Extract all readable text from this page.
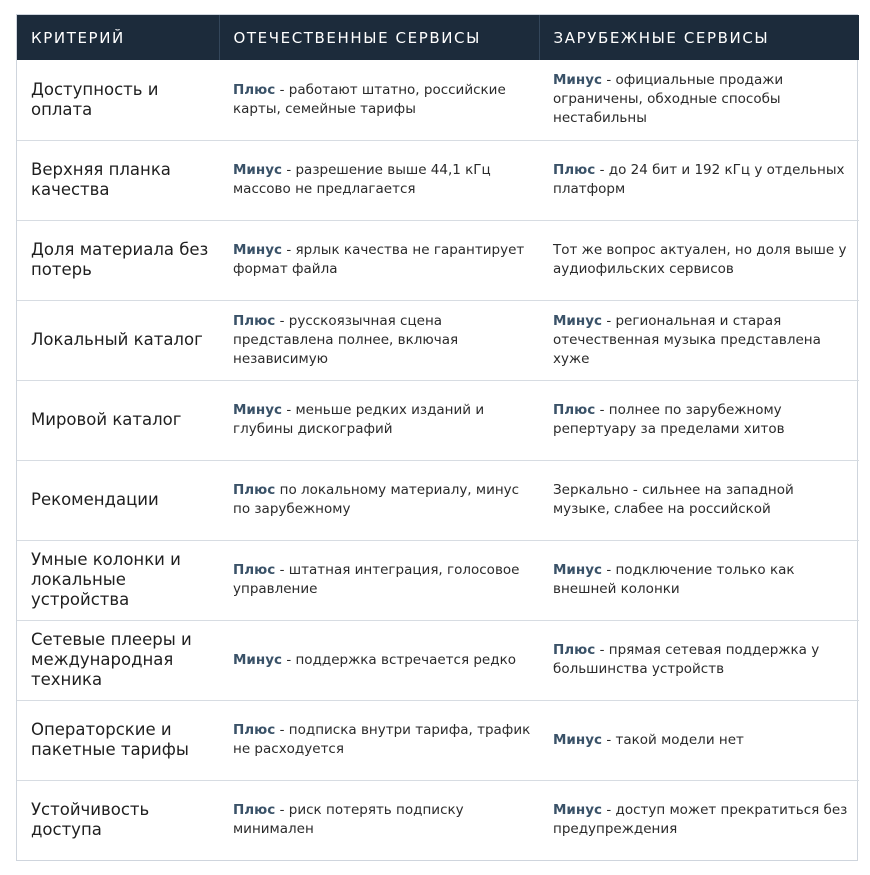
КРИТЕРИЙ	ОТЕЧЕСТВЕННЫЕ СЕРВИСЫ	ЗАРУБЕЖНЫЕ СЕРВИСЫ
Доступность и оплата	Плюс - работают штатно, российские карты, семейные тарифы	Минус - официальные продажи ограничены, обходные способы нестабильны
Верхняя планка качества	Минус - разрешение выше 44,1 кГц массово не предлагается	Плюс - до 24 бит и 192 кГц у отдельных платформ
Доля материала без потерь	Минус - ярлык качества не гарантирует формат файла	Тот же вопрос актуален, но доля выше у аудиофильских сервисов
Локальный каталог	Плюс - русскоязычная сцена представлена полнее, включая независимую	Минус - региональная и старая отечественная музыка представлена хуже
Мировой каталог	Минус - меньше редких изданий и глубины дискографий	Плюс - полнее по зарубежному репертуару за пределами хитов
Рекомендации	Плюс по локальному материалу, минус по зарубежному	Зеркально - сильнее на западной музыке, слабее на российской
Умные колонки и локальные устройства	Плюс - штатная интеграция, голосовое управление	Минус - подключение только как внешней колонки
Сетевые плееры и международная техника	Минус - поддержка встречается редко	Плюс - прямая сетевая поддержка у большинства устройств
Операторские и пакетные тарифы	Плюс - подписка внутри тарифа, трафик не расходуется	Минус - такой модели нет
Устойчивость доступа	Плюс - риск потерять подписку минимален	Минус - доступ может прекратиться без предупреждения
